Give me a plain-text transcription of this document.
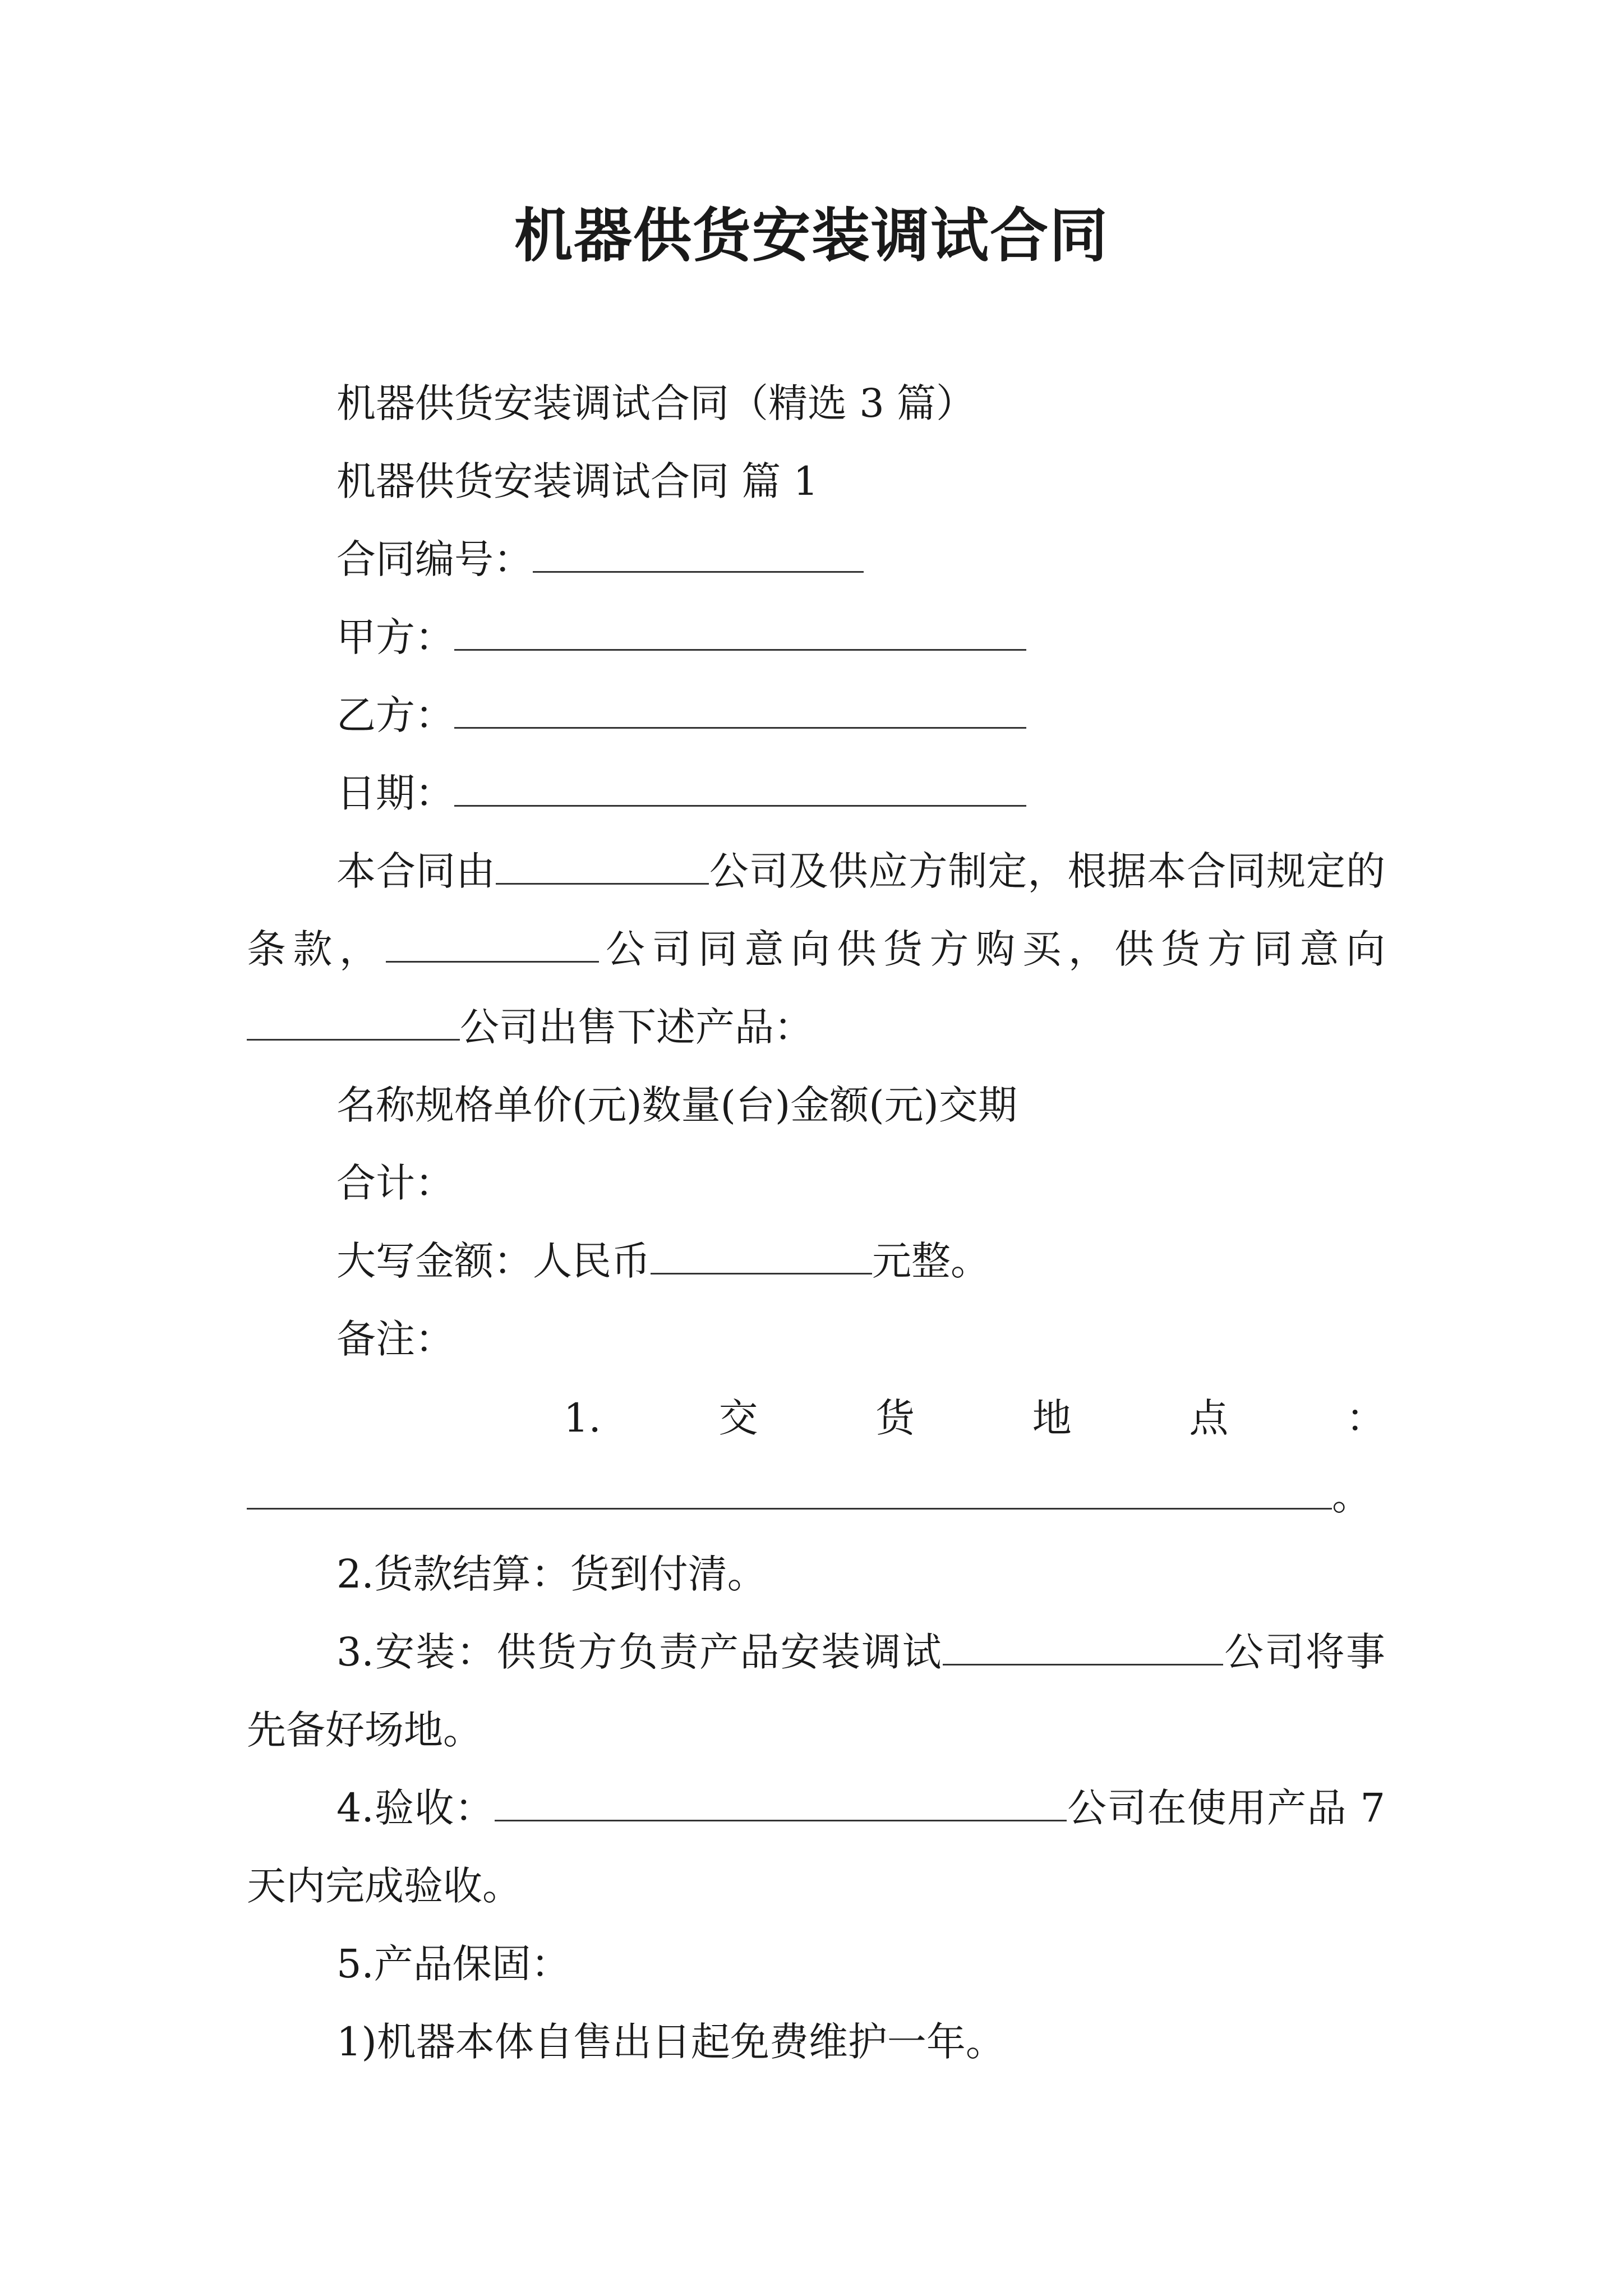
机器供货安装调试合同
机器供货安装调试合同（精选 3 篇）
机器供货安装调试合同 篇 1
合同编号：
甲方：
乙方：
日期：
本合同由	公司及供应方制定，根据本合同规定的条款，	公司同意向供货方购买，供货方同意向公司出售下述产品：
名称规格单价(元)数量(台)金额(元)交期
合计：
大写金额：人民币	元整。
备注：
1.	交	货	地	点	：
。
2.货款结算：货到付清。
3.安装：供货方负责产品安装调试	公司将事先备好场地。
4.验收：	公司在使用产品 7 天内完成验收。
5.产品保固：
1)机器本体自售出日起免费维护一年。
